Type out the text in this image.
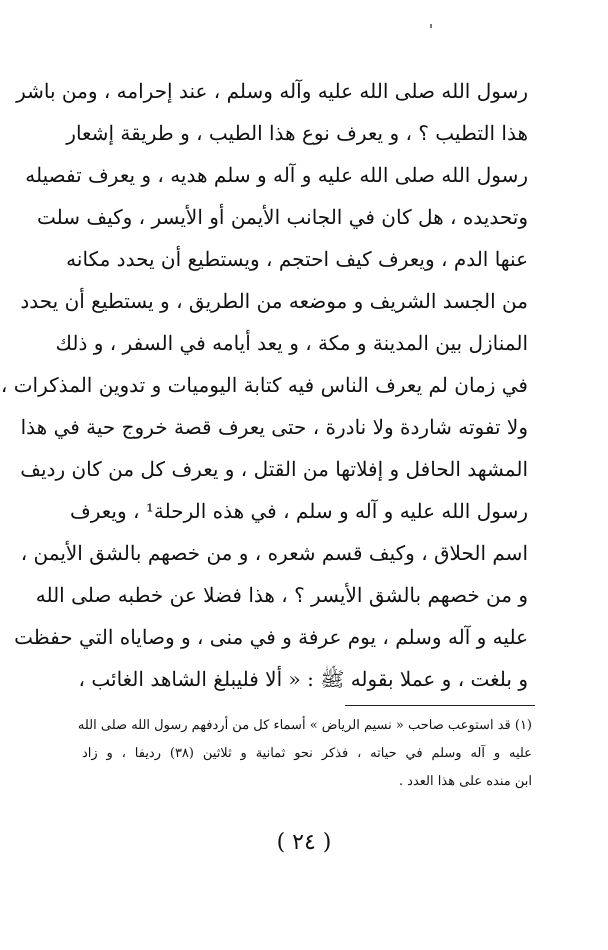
رسول الله صلى الله عليه وآله وسلم ، عند إحرامه ، ومن باشر
هذا التطيب ؟ ، و يعرف نوع هذا الطيب ، و طريقة إشعار
رسول الله صلى الله عليه و آله و سلم هديه ، و يعرف تفصيله
وتحديده ، هل كان في الجانب الأيمن أو الأيسر ، وكيف سلت
عنها الدم ، ويعرف كيف احتجم ، ويستطيع أن يحدد مكانه
من الجسد الشريف و موضعه من الطريق ، و يستطيع أن يحدد
المنازل بين المدينة و مكة ، و يعد أيامه في السفر ، و ذلك
في زمان لم يعرف الناس فيه كتابة اليوميات و تدوين المذكرات ،
ولا تفوته شاردة ولا نادرة ، حتى يعرف قصة خروج حية في هذا
المشهد الحافل و إفلاتها من القتل ، و يعرف كل من كان رديف
رسول الله عليه و آله و سلم ، في هذه الرحلة¹ ، ويعرف
اسم الحلاق ، وكيف قسم شعره ، و من خصهم بالشق الأيمن ،
و من خصهم بالشق الأيسر ؟ ، هذا فضلا عن خطبه صلى الله
عليه و آله وسلم ، يوم عرفة و في منى ، و وصاياه التي حفظت
و بلغت ، و عملا بقوله ﷺ : « ألا فليبلغ الشاهد الغائب ،
(١) قد استوعب صاحب « نسيم الرياض » أسماء كل من أردفهم رسول الله صلى الله
عليه و آله وسلم في حياته ، فذكر نحو ثمانية و ثلاثين (٣٨) رديفا ، و زاد
ابن منده على هذا العدد .
( ٢٤ )
